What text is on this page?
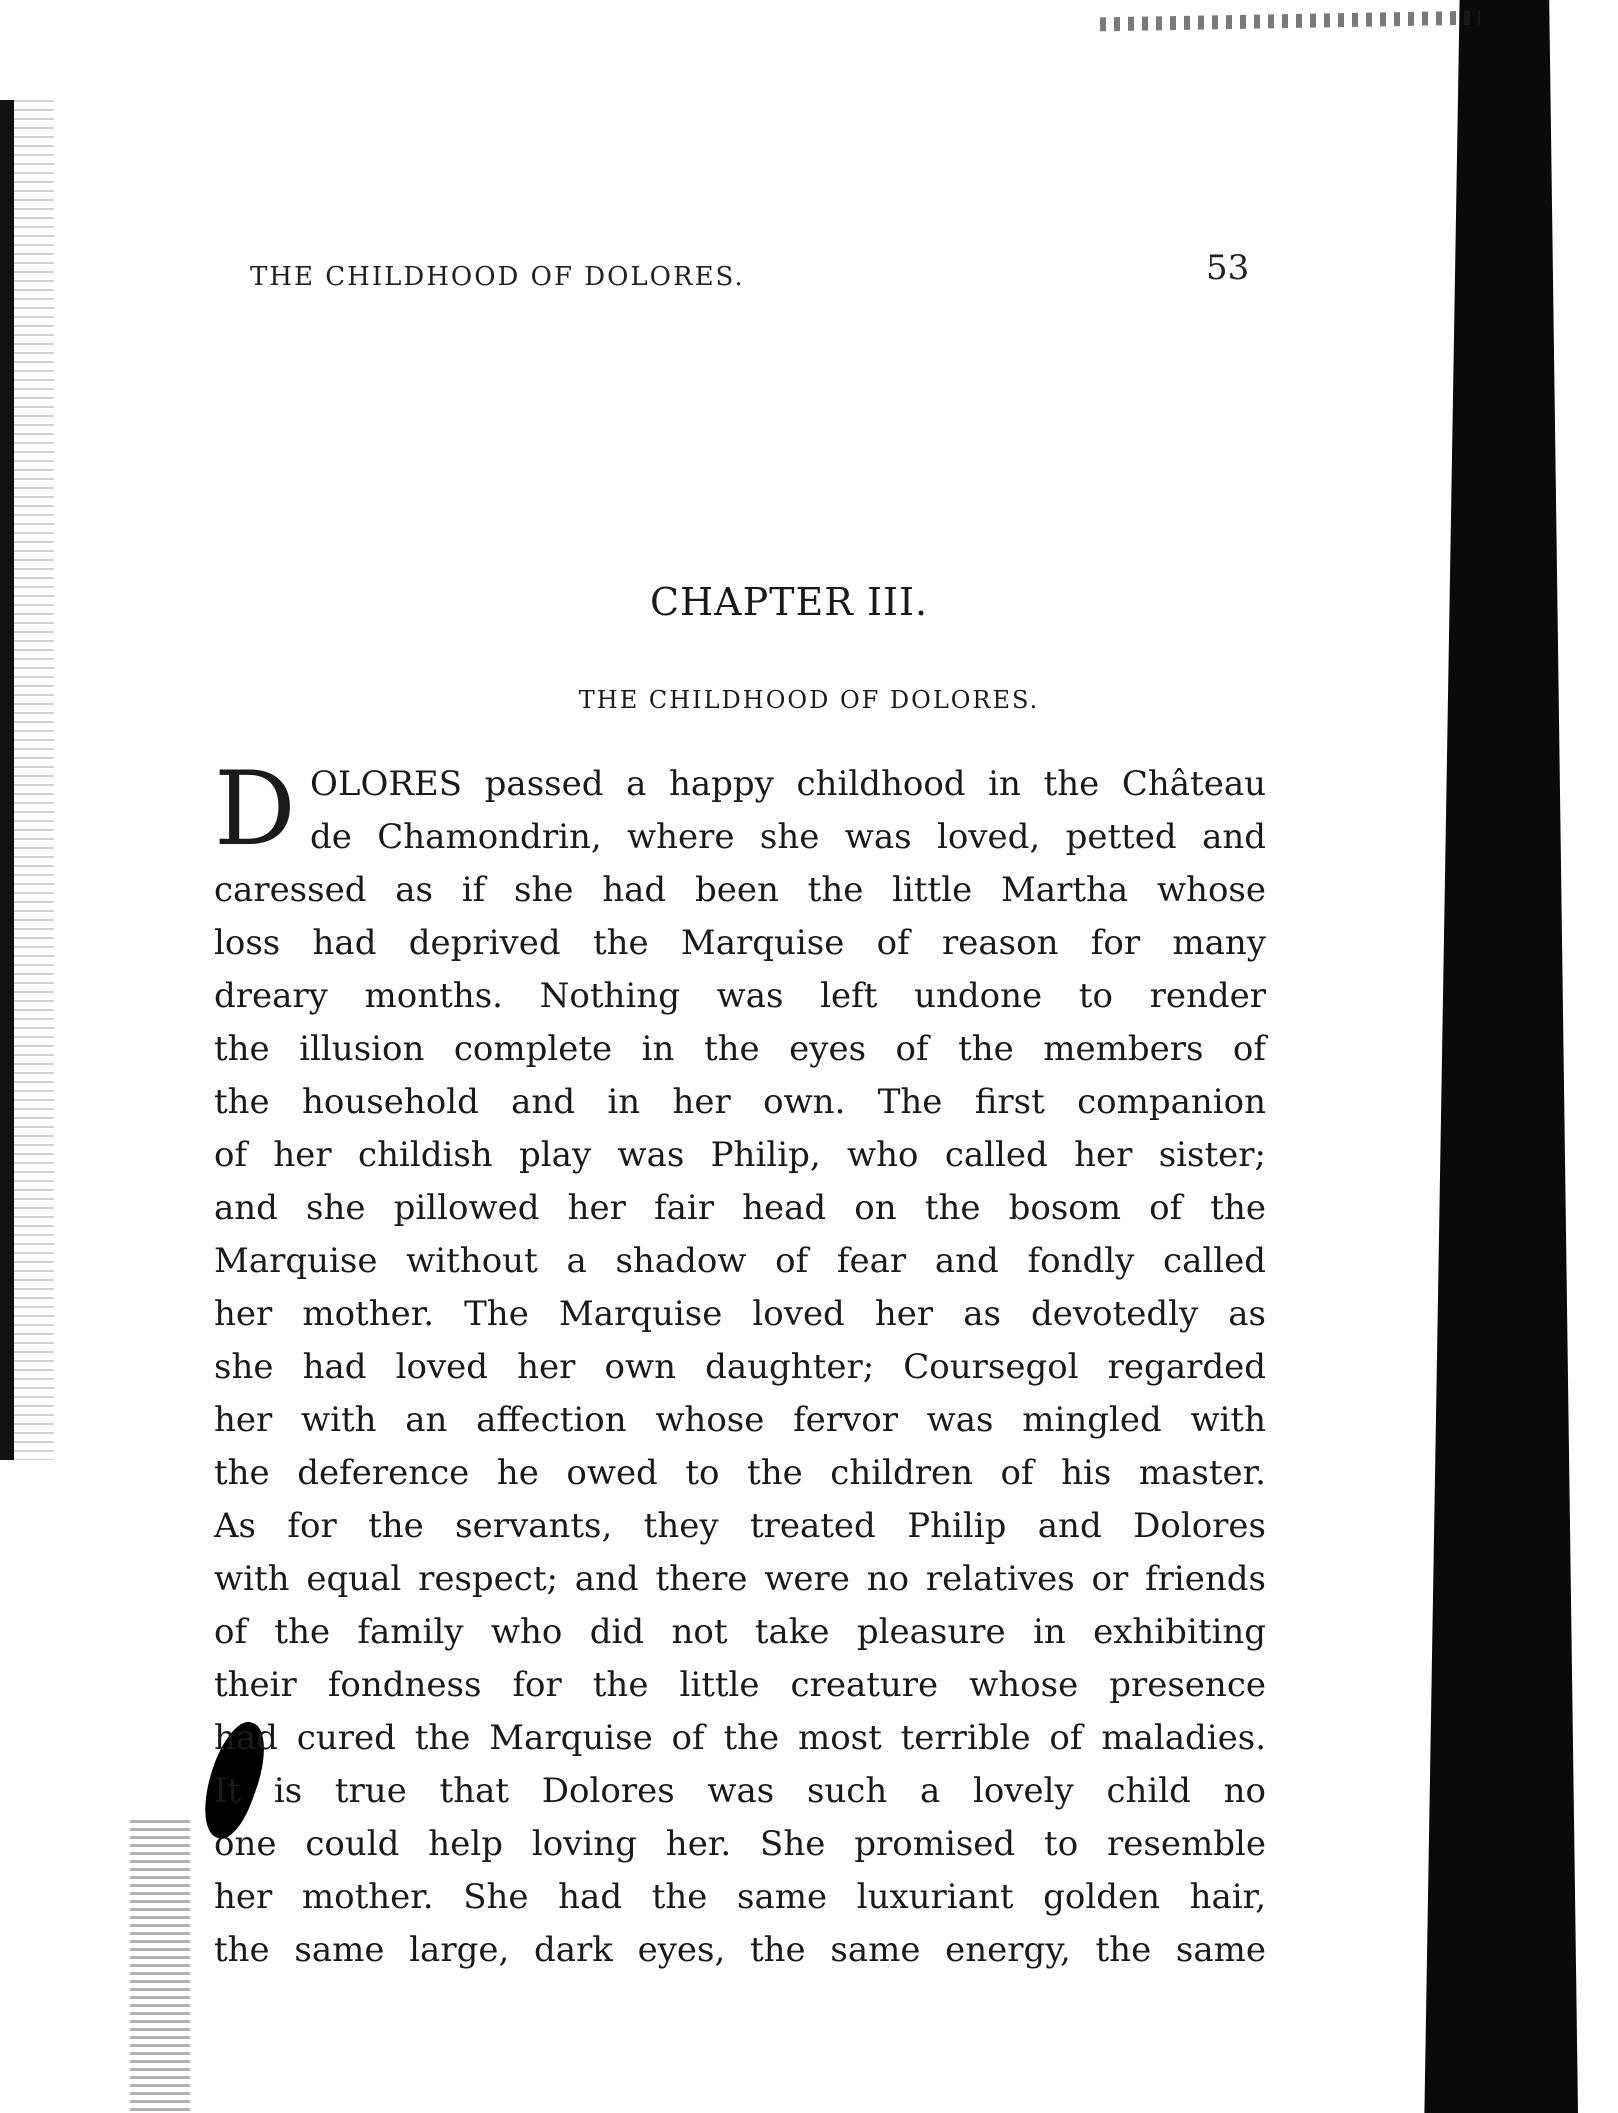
THE CHILDHOOD OF DOLORES.	53
CHAPTER III.
THE CHILDHOOD OF DOLORES.
D OLORES passed a happy childhood in the Château
de Chamondrin, where she was loved, petted and
caressed as if she had been the little Martha whose
loss had deprived the Marquise of reason for many
dreary months. Nothing was left undone to render
the illusion complete in the eyes of the members of
the household and in her own. The first companion
of her childish play was Philip, who called her sister;
and she pillowed her fair head on the bosom of the
Marquise without a shadow of fear and fondly called
her mother. The Marquise loved her as devotedly as
she had loved her own daughter; Coursegol regarded
her with an affection whose fervor was mingled with
the deference he owed to the children of his master.
As for the servants, they treated Philip and Dolores
with equal respect; and there were no relatives or friends
of the family who did not take pleasure in exhibiting
their fondness for the little creature whose presence
had cured the Marquise of the most terrible of maladies.
It is true that Dolores was such a lovely child no
one could help loving her. She promised to resemble
her mother. She had the same luxuriant golden hair,
the same large, dark eyes, the same energy, the same
